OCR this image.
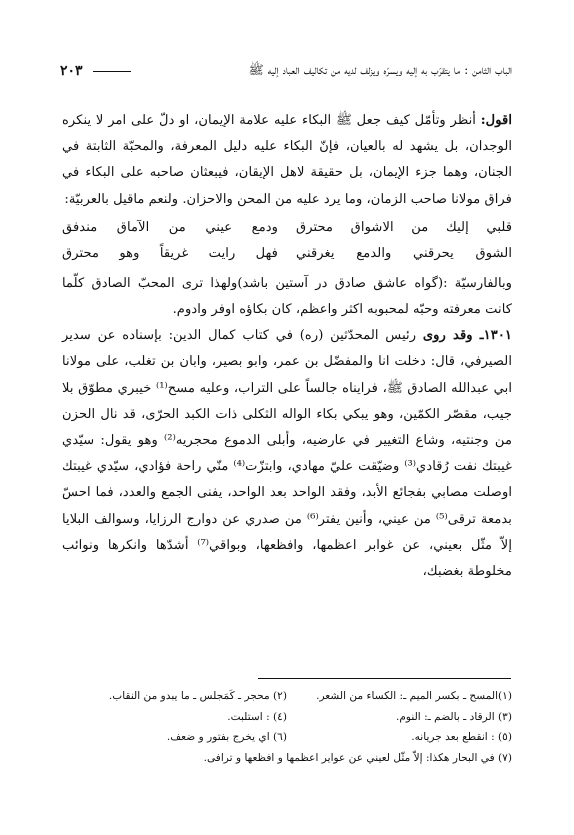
الباب الثامن : ما يتقرّب به إليه ويسرّه ويزلف لديه من تكاليف العباد إليه ﷺ
٢٠٣

اقول: أنظر وتأمّل كيف جعل ﷺ البكاء عليه علامة الإيمان، او دلّ على امر لا ينكره الوجدان، بل يشهد له بالعيان، فإنّ البكاء عليه دليل المعرفة، والمحبّة الثابتة في الجنان، وهما جزء الإيمان، بل حقيقة لاهل الإيقان، فيبعثان صاحبه على البكاء في فراق مولانا صاحب الزمان، وما يرد عليه من المحن والاحزان. ولنعم ماقيل بالعربيّة:

قلبي إليك من الاشواق محترق
ودمع عيني من الآماق مندفق
الشوق يحرقني والدمع يغرقني
فهل رايت غريقاً وهو محترق

وبالفارسيّة :(گواه عاشق صادق در آستين باشد)ولهذا ترى المحبّ الصادق كلّما كانت معرفته وحبّه لمحبوبه اكثر واعظم، كان بكاؤه اوفر وادوم.

١٣٠١ـ وقد روى رئيس المحدّثين (ره) في كتاب كمال الدين: بإسناده عن سدير الصيرفي، قال: دخلت انا والمفضّل بن عمر، وابو بصير، وابان بن تغلب، على مولانا ابي عبدالله الصادق ﷺ، فرايناه جالساً على التراب، وعليه مسح⁽¹⁾ خيبري مطوّق بلا جيب، مقصّر الكمّين، وهو يبكي بكاء الواله الثكلى ذات الكبد الحرّى، قد نال الحزن من وجنتيه، وشاع التغيير في عارضيه، وأبلى الدموع محجريه⁽²⁾ وهو يقول: سيّدي غيبتك نفت رُقادي⁽³⁾ وضيّقت عليّ مهادي، وابتزّت⁽⁴⁾ منّي راحة فؤادي، سيّدي غيبتك اوصلت مصابي بفجائع الأبد، وفقد الواحد بعد الواحد، يفنى الجمع والعدد، فما احسّ بدمعة ترقى⁽⁵⁾ من عيني، وأنين يفتر⁽⁶⁾ من صدري عن دوارج الرزايا، وسوالف البلايا إلاّ مثّل بعيني، عن غوابر اعظمها، وافظعها، وبواقي⁽⁷⁾ أشدّها وانكرها ونوائب مخلوطة بغضبك،

(١)المسح ـ بكسر الميم ـ: الكساء من الشعر.
(٢) محجر ـ كَمَجلس ـ ما يبدو من النقاب.
(٣) الرقاد ـ بالضم ـ: النوم.
(٤) : استلبت.
(٥) : انقطع بعد جريانه.
(٦) اي يخرج بفتور و ضعف.
(٧) في البحار هكذا: إلاّ مثّل لعيني عن عواير اعظمها و افظعها و ترافى.
